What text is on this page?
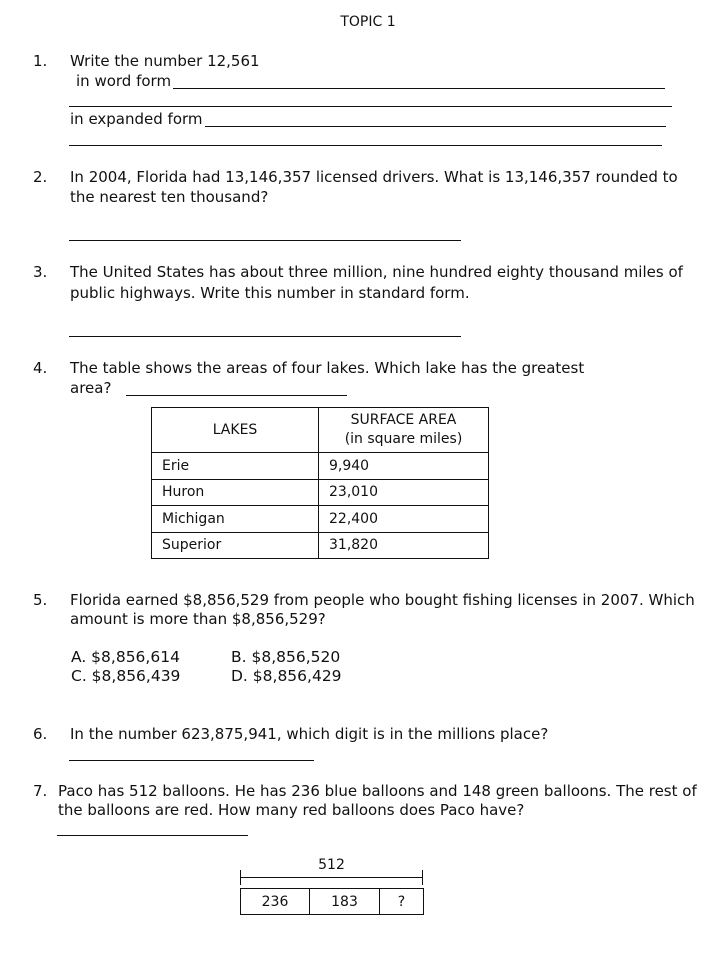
TOPIC 1
1. Write the number 12,561
in word form
in expanded form
2. In 2004, Florida had 13,146,357 licensed drivers. What is 13,146,357 rounded to
the nearest ten thousand?
3. The United States has about three million, nine hundred eighty thousand miles of
public highways. Write this number in standard form.
4. The table shows the areas of four lakes. Which lake has the greatest
area?
LAKES	SURFACE AREA
(in square miles)

Erie	9,940
Huron	23,010
Michigan	22,400
Superior	31,820
5. Florida earned $8,856,529 from people who bought fishing licenses in 2007. Which
amount is more than $8,856,529?
A. $8,856,614	B. $8,856,520
C. $8,856,439	D. $8,856,429
6. In the number 623,875,941, which digit is in the millions place?
7. Paco has 512 balloons. He has 236 blue balloons and 148 green balloons. The rest of
the balloons are red. How many red balloons does Paco have?
512
236	183	?
